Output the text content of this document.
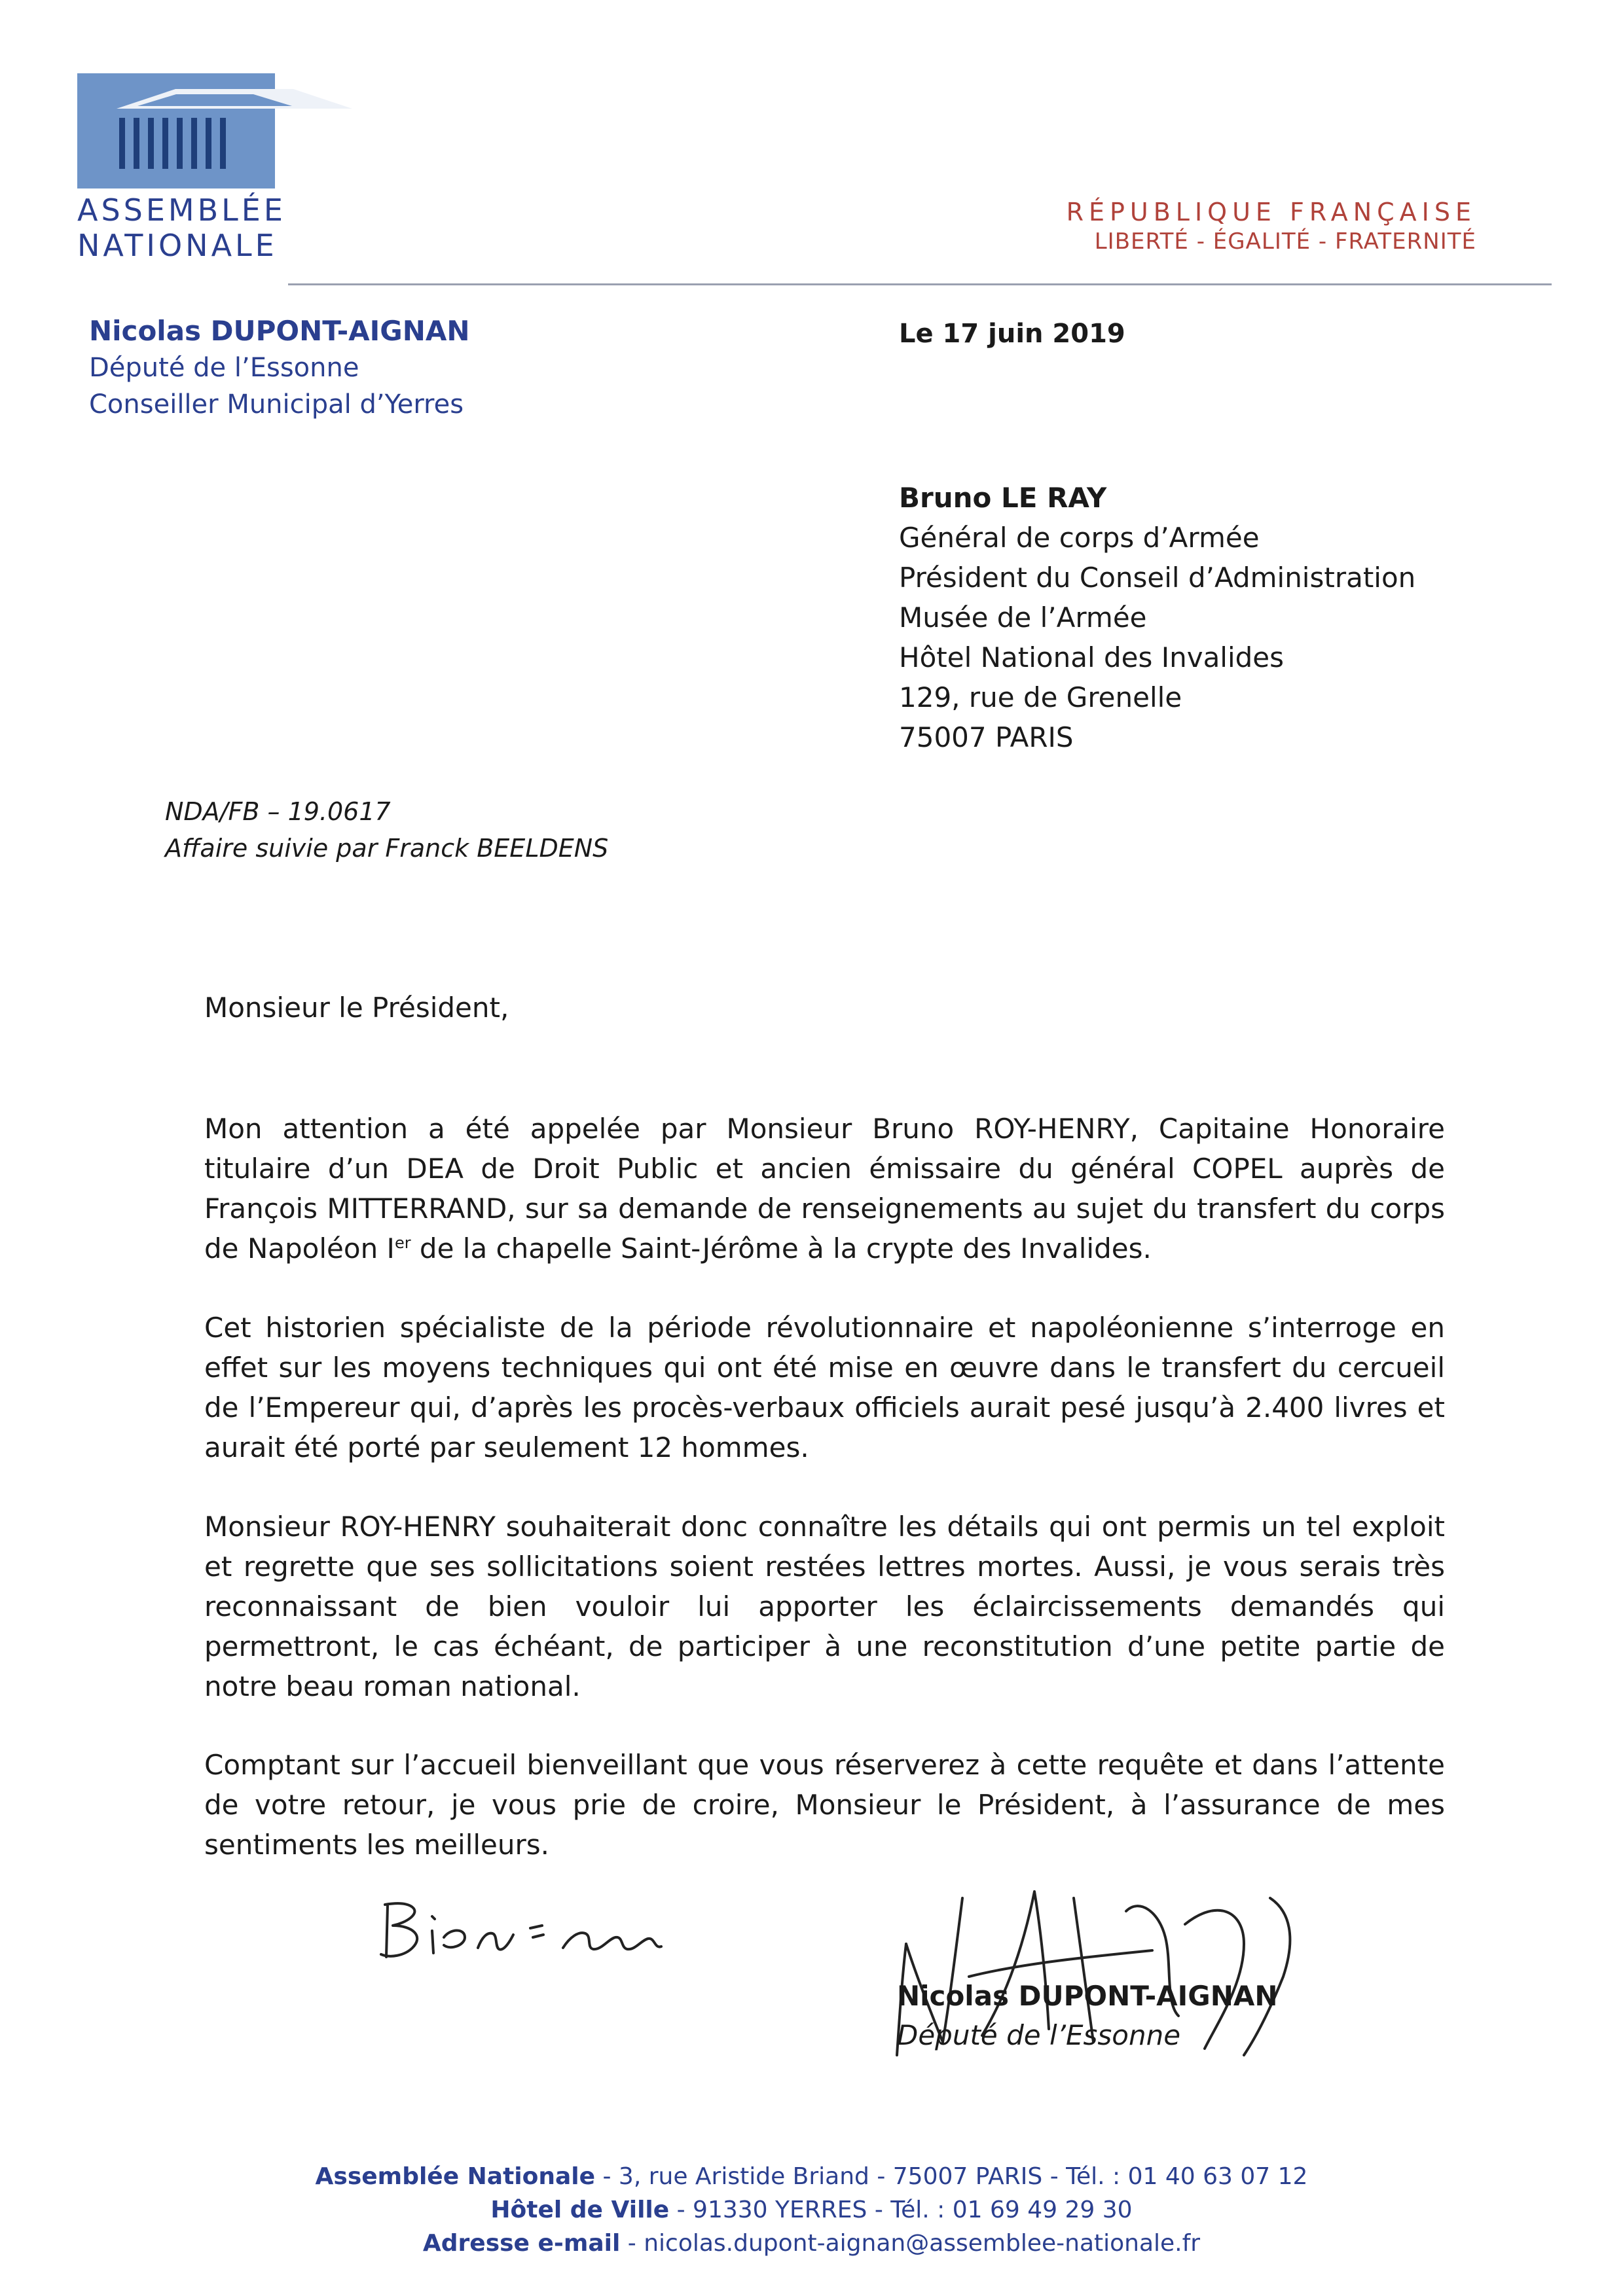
ASSEMBLÉE
NATIONALE
RÉPUBLIQUE FRANÇAISE
LIBERTÉ - ÉGALITÉ - FRATERNITÉ
Nicolas DUPONT-AIGNAN
Député de l’Essonne
Conseiller Municipal d’Yerres
Le 17 juin 2019
Bruno LE RAY
Général de corps d’Armée
Président du Conseil d’Administration
Musée de l’Armée
Hôtel National des Invalides
129, rue de Grenelle
75007 PARIS
NDA/FB – 19.0617
Affaire suivie par Franck BEELDENS
Monsieur le Président,

Mon attention a été appelée par Monsieur Bruno ROY-HENRY, Capitaine Honoraire titulaire d’un DEA de Droit Public et ancien émissaire du général COPEL auprès de François MITTERRAND, sur sa demande de renseignements au sujet du transfert du corps de Napoléon Ier de la chapelle Saint-Jérôme à la crypte des Invalides.

Cet historien spécialiste de la période révolutionnaire et napoléonienne s’interroge en effet sur les moyens techniques qui ont été mise en œuvre dans le transfert du cercueil de l’Empereur qui, d’après les procès-verbaux officiels aurait pesé jusqu’à 2.400 livres et aurait été porté par seulement 12 hommes.

Monsieur ROY-HENRY souhaiterait donc connaître les détails qui ont permis un tel exploit et regrette que ses sollicitations soient restées lettres mortes. Aussi, je vous serais très reconnaissant de bien vouloir lui apporter les éclaircissements demandés qui permettront, le cas échéant, de participer à une reconstitution d’une petite partie de notre beau roman national.

Comptant sur l’accueil bienveillant que vous réserverez à cette requête et dans l’attente de votre retour, je vous prie de croire, Monsieur le Président, à l’assurance de mes sentiments les meilleurs.

Nicolas DUPONT-AIGNAN
Député de l’Essonne
Assemblée Nationale - 3, rue Aristide Briand - 75007 PARIS - Tél. : 01 40 63 07 12
Hôtel de Ville - 91330 YERRES - Tél. : 01 69 49 29 30
Adresse e-mail - nicolas.dupont-aignan@assemblee-nationale.fr
